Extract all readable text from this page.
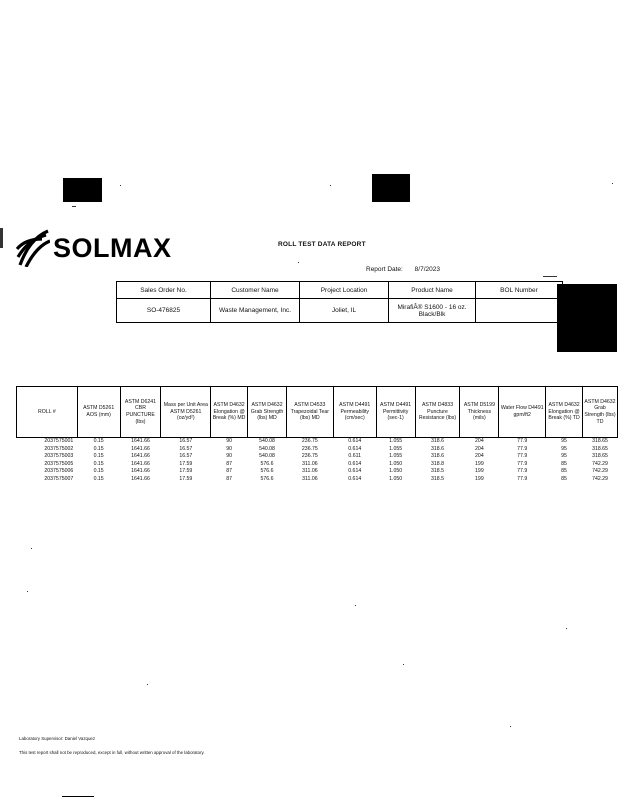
SOLMAX	ROLL TEST DATA REPORT
Report Date: 8/7/2023
Sales Order No.	Customer Name	Project Location	Product Name	BOL Number
SO-476825	Waste Management, Inc.	Joliet, IL	MirafiÂ® S1600 - 16 oz. Black/Blk	
ROLL #	ASTM D5261 AOS (mm)	ASTM D6241 CBR PUNCTURE (lbs)	Mass per Unit Area ASTM D5261 (oz/yd²)	ASTM D4632 Elongation @ Break (%) MD	ASTM D4632 Grab Strength (lbs) MD	ASTM D4533 Trapezoidal Tear (lbs) MD	ASTM D4491 Permeability (cm/sec)	ASTM D4491 Permittivity (sec-1)	ASTM D4833 Puncture Resistance (lbs)	ASTM D5199 Thickness (mils)	Water Flow D4491 gpm/ft2	ASTM D4632 Elongation @ Break (%) TD	ASTM D4632 Grab Strength (lbs) TD
2037575001	0.15	1641.66	16.57	90	540.08	236.75	0.614	1.055	318.6	204	77.9	95	318.65
2037575002	0.15	1641.66	16.57	90	540.08	236.75	0.614	1.055	318.6	204	77.9	95	318.65
2037575003	0.15	1641.66	16.57	90	540.08	236.75	0.611	1.055	318.6	204	77.9	95	318.65
2037575005	0.15	1641.66	17.59	87	576.6	311.06	0.614	1.050	318.8	199	77.9	85	742.29
2037575006	0.15	1641.66	17.59	87	576.6	311.06	0.614	1.050	318.5	199	77.9	85	742.29
2037575007	0.15	1641.66	17.59	87	576.6	311.06	0.614	1.050	318.5	199	77.9	85	742.29
Laboratory Supervisor: Daniel Vazquez
This test report shall not be reproduced, except in full, without written approval of the laboratory.
